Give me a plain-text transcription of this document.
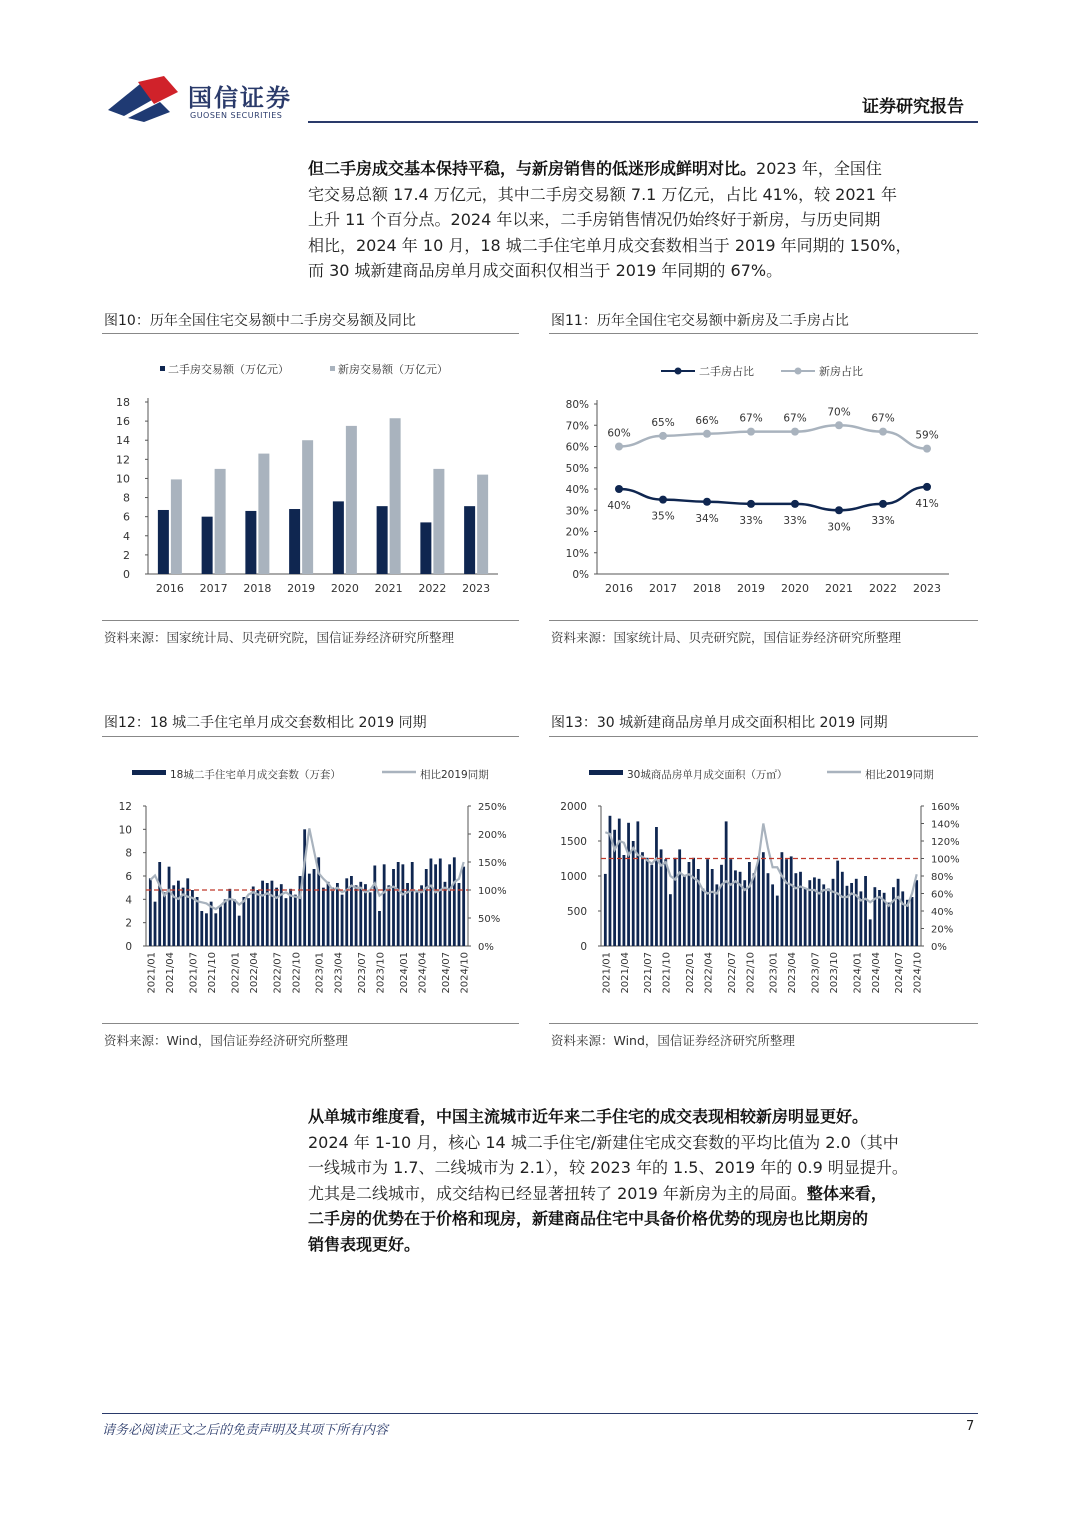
国信证券
GUOSEN SECURITIES	证券研究报告
但二手房成交基本保持平稳，与新房销售的低迷形成鲜明对比。2023 年，全国住
宅交易总额 17.4 万亿元，其中二手房交易额 7.1 万亿元，占比 41%，较 2021 年
上升 11 个百分点。2024 年以来，二手房销售情况仍始终好于新房，与历史同期
相比，2024 年 10 月，18 城二手住宅单月成交套数相当于 2019 年同期的 150%，
而 30 城新建商品房单月成交面积仅相当于 2019 年同期的 67%。
图10：历年全国住宅交易额中二手房交易额及同比
二手房交易额（万亿元）	新房交易额（万亿元）
0
2
4
6
8
10
12
14
16
18
2016 2017 2018 2019 2020 2021 2022 2023
资料来源：国家统计局、贝壳研究院，国信证券经济研究所整理
图11：历年全国住宅交易额中新房及二手房占比
二手房占比	新房占比
0%
10%
20%
30%
40%
50%
60%
70%
80%
2016 2017 2018 2019 2020 2021 2022 2023
40%
35% 34% 33% 33%
30%
33%
41%
60%
65% 66% 67% 67%
70%
67%
59%
资料来源：国家统计局、贝壳研究院，国信证券经济研究所整理
图12：18 城二手住宅单月成交套数相比 2019 同期
18城二手住宅单月成交套数（万套）	相比2019同期
0
2
4
6
8
10
12
0%
50%
100%
150%
200%
250%
2021/01 2021/04 2021/07 2021/10 2022/01 2022/04 2022/07 2022/10 2023/01 2023/04 2023/07 2023/10 2024/01 2024/04 2024/07 2024/10
资料来源：Wind，国信证券经济研究所整理
图13：30 城新建商品房单月成交面积相比 2019 同期
30城商品房单月成交面积（万㎡）	相比2019同期
0
500
1000
1500
2000
0%
20%
40%
60%
80%
100%
120%
140%
160%
2021/01 2021/04 2021/07 2021/10 2022/01 2022/04 2022/07 2022/10 2023/01 2023/04 2023/07 2023/10 2024/01 2024/04 2024/07 2024/10
资料来源：Wind，国信证券经济研究所整理
从单城市维度看，中国主流城市近年来二手住宅的成交表现相较新房明显更好。
2024 年 1-10 月，核心 14 城二手住宅/新建住宅成交套数的平均比值为 2.0（其中
一线城市为 1.7、二线城市为 2.1），较 2023 年的 1.5、2019 年的 0.9 明显提升。
尤其是二线城市，成交结构已经显著扭转了 2019 年新房为主的局面。整体来看，
二手房的优势在于价格和现房，新建商品住宅中具备价格优势的现房也比期房的
销售表现更好。
请务必阅读正文之后的免责声明及其项下所有内容	7
